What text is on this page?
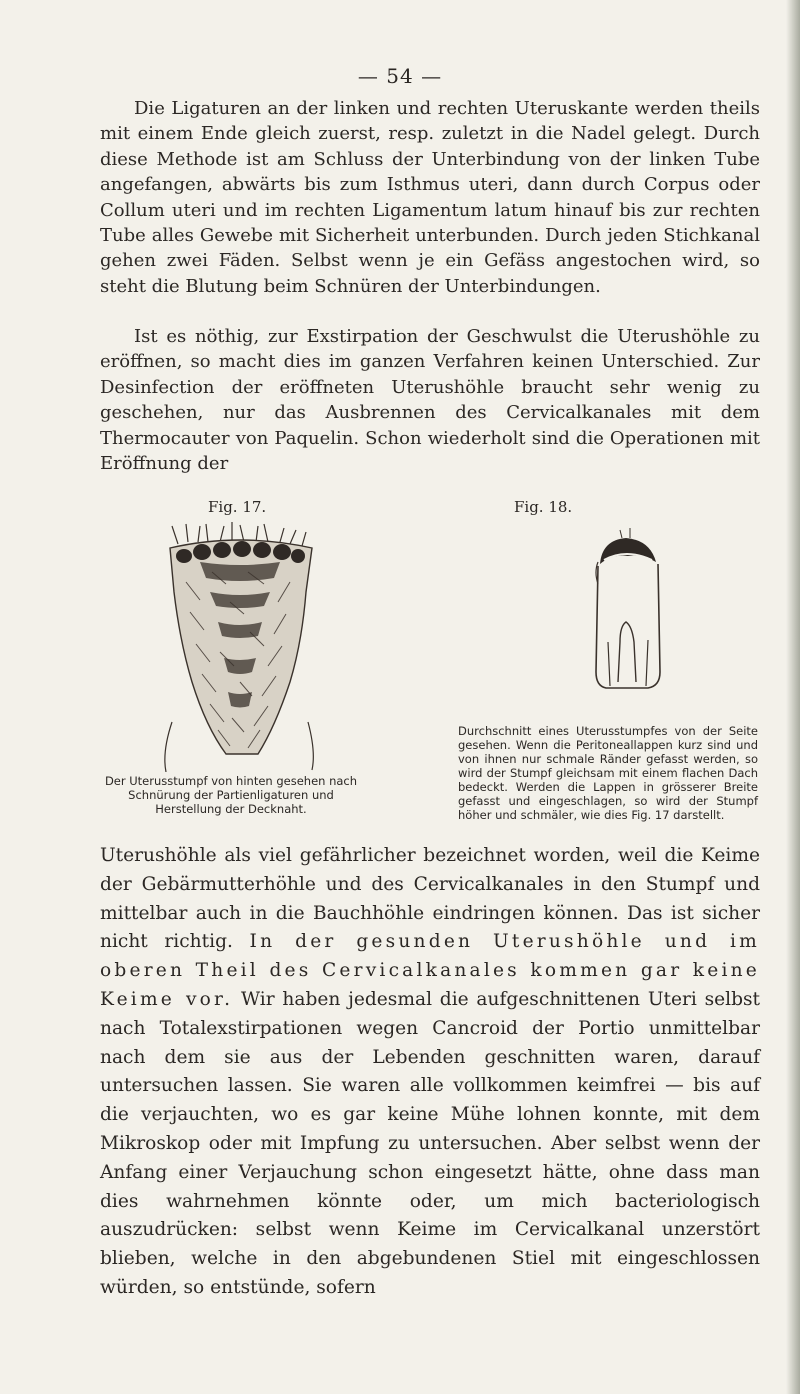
— 54 —

Die Ligaturen an der linken und rechten Uteruskante werden theils mit einem Ende gleich zuerst, resp. zuletzt in die Nadel gelegt. Durch diese Methode ist am Schluss der Unterbindung von der linken Tube angefangen, abwärts bis zum Isthmus uteri, dann durch Corpus oder Collum uteri und im rechten Ligamentum latum hinauf bis zur rechten Tube alles Gewebe mit Sicherheit unterbunden. Durch jeden Stichkanal gehen zwei Fäden. Selbst wenn je ein Gefäss angestochen wird, so steht die Blutung beim Schnüren der Unterbindungen.

Ist es nöthig, zur Exstirpation der Geschwulst die Uterushöhle zu eröffnen, so macht dies im ganzen Verfahren keinen Unterschied. Zur Desinfection der eröffneten Uterushöhle braucht sehr wenig zu geschehen, nur das Ausbrennen des Cervicalkanales mit dem Thermocauter von Paquelin. Schon wiederholt sind die Operationen mit Eröffnung der

Fig. 17.

Der Uterusstumpf von hinten gesehen nach Schnürung der Partienligaturen und Herstellung der Decknaht.

Fig. 18.

Durchschnitt eines Uterusstumpfes von der Seite gesehen. Wenn die Peritoneallappen kurz sind und von ihnen nur schmale Ränder gefasst werden, so wird der Stumpf gleichsam mit einem flachen Dach bedeckt. Werden die Lappen in grösserer Breite gefasst und eingeschlagen, so wird der Stumpf höher und schmäler, wie dies Fig. 17 darstellt.

Uterushöhle als viel gefährlicher bezeichnet worden, weil die Keime der Gebärmutterhöhle und des Cervicalkanales in den Stumpf und mittelbar auch in die Bauchhöhle eindringen können. Das ist sicher nicht richtig. In der gesunden Uterushöhle und im oberen Theil des Cervicalkanales kommen gar keine Keime vor. Wir haben jedesmal die aufgeschnittenen Uteri selbst nach Totalexstirpationen wegen Cancroid der Portio unmittelbar nach dem sie aus der Lebenden geschnitten waren, darauf untersuchen lassen. Sie waren alle vollkommen keimfrei — bis auf die verjauchten, wo es gar keine Mühe lohnen konnte, mit dem Mikroskop oder mit Impfung zu untersuchen. Aber selbst wenn der Anfang einer Verjauchung schon eingesetzt hätte, ohne dass man dies wahrnehmen könnte oder, um mich bacteriologisch auszudrücken: selbst wenn Keime im Cervicalkanal unzerstört blieben, welche in den abgebundenen Stiel mit eingeschlossen würden, so entstünde, sofern
